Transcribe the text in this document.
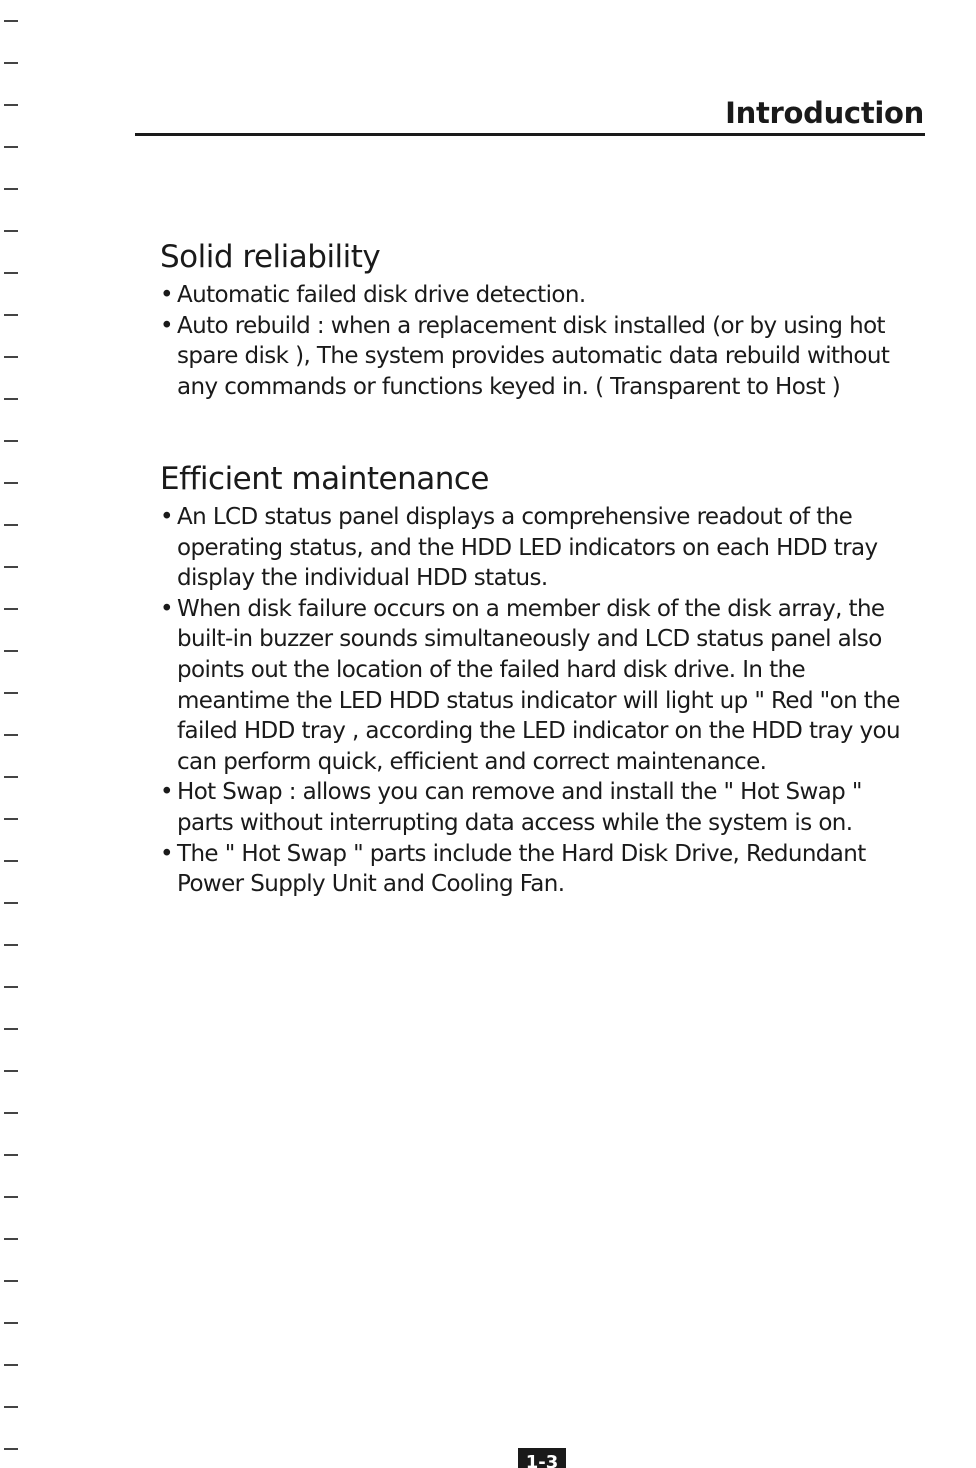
Introduction
Solid reliability
• Automatic failed disk drive detection.
• Auto rebuild : when a replacement disk installed (or by using hot spare disk ), The system provides automatic data rebuild without any commands or functions keyed in. ( Transparent to Host )
Efficient maintenance
• An LCD status panel displays a comprehensive readout of the operating status, and the HDD LED indicators on each HDD tray display the individual HDD status.
• When disk failure occurs on a member disk of the disk array, the built-in buzzer sounds simultaneously and LCD status panel also points out the location of the failed hard disk drive. In the meantime the LED HDD status indicator will light up " Red "on the failed HDD tray , according the LED indicator on the HDD tray you can perform quick, efficient and correct maintenance.
• Hot Swap : allows you can remove and install the " Hot Swap " parts without interrupting data access while the system is on.
• The " Hot Swap " parts include the Hard Disk Drive, Redundant Power Supply Unit and Cooling Fan.
1-3
